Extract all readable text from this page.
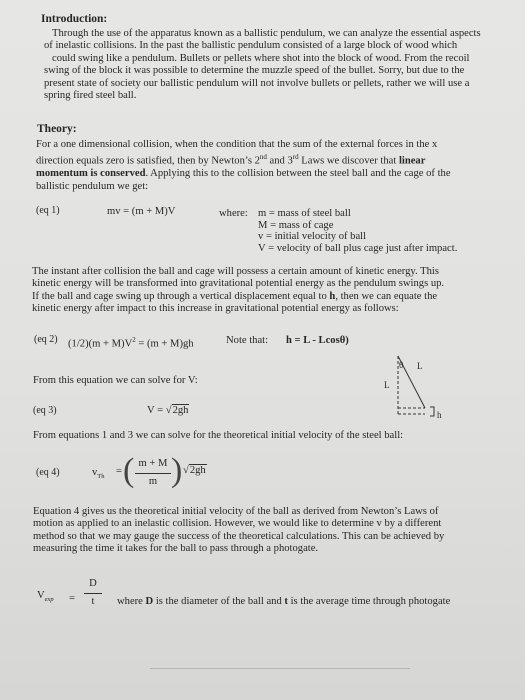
Introduction:
Through the use of the apparatus known as a ballistic pendulum, we can analyze the essential aspects
of inelastic collisions. In the past the ballistic pendulum consisted of a large block of wood which
could swing like a pendulum. Bullets or pellets where shot into the block of wood. From the recoil
swing of the block it was possible to determine the muzzle speed of the bullet. Sorry, but due to the
present state of society our ballistic pendulum will not involve bullets or pellets, rather we will use a
spring fired steel ball.
Theory:
For a one dimensional collision, when the condition that the sum of the external forces in the x
direction equals zero is satisfied, then by Newton’s 2nd and 3rd Laws we discover that linear
momentum is conserved. Applying this to the collision between the steel ball and the cage of the
ballistic pendulum we get:
(eq 1)	mv = (m + M)V	where: m = mass of steel ball
M = mass of cage
v = initial velocity of ball
V = velocity of ball plus cage just after impact.
The instant after collision the ball and cage will possess a certain amount of kinetic energy. This
kinetic energy will be transformed into gravitational potential energy as the pendulum swings up.
If the ball and cage swing up through a vertical displacement equal to h, then we can equate the
kinetic energy after impact to this increase in gravitational potential energy as follows:
(eq 2) $(1/2)(m + M)V^2 = (m + M)gh$	Note that: h = L - Lcosθ)
θ L
L
h
From this equation we can solve for V:
(eq 3)	V = √2gh
From equations 1 and 3 we can solve for the theoretical initial velocity of the steel ball:
(eq 4)	$v_{Th}$ = ( m + M
m ) √2gh
Equation 4 gives us the theoretical initial velocity of the ball as derived from Newton’s Laws of
motion as applied to an inelastic collision. However, we would like to determine v by a different
method so that we may gauge the success of the theoretical calculations. This can be achieved by
measuring the time it takes for the ball to pass through a photogate.
$V_{exp}$ =
D
t	where D is the diameter of the ball and t is the average time through photogate
